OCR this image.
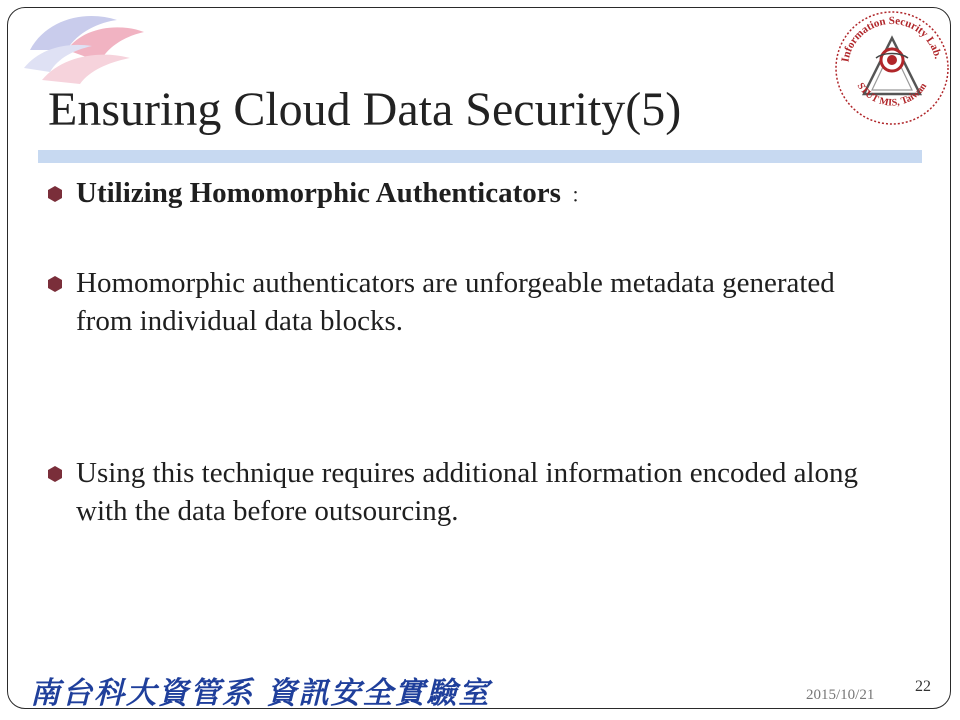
Ensuring Cloud Data Security(5)
Information Security Lab.
STUT MIS, Taiwan
Utilizing Homomorphic Authenticators ：
Homomorphic authenticators are unforgeable metadata generated from individual data blocks.
Using this technique requires additional information encoded along with the data before outsourcing.
南台科大資管系 資訊安全實驗室	2015/10/21	22
